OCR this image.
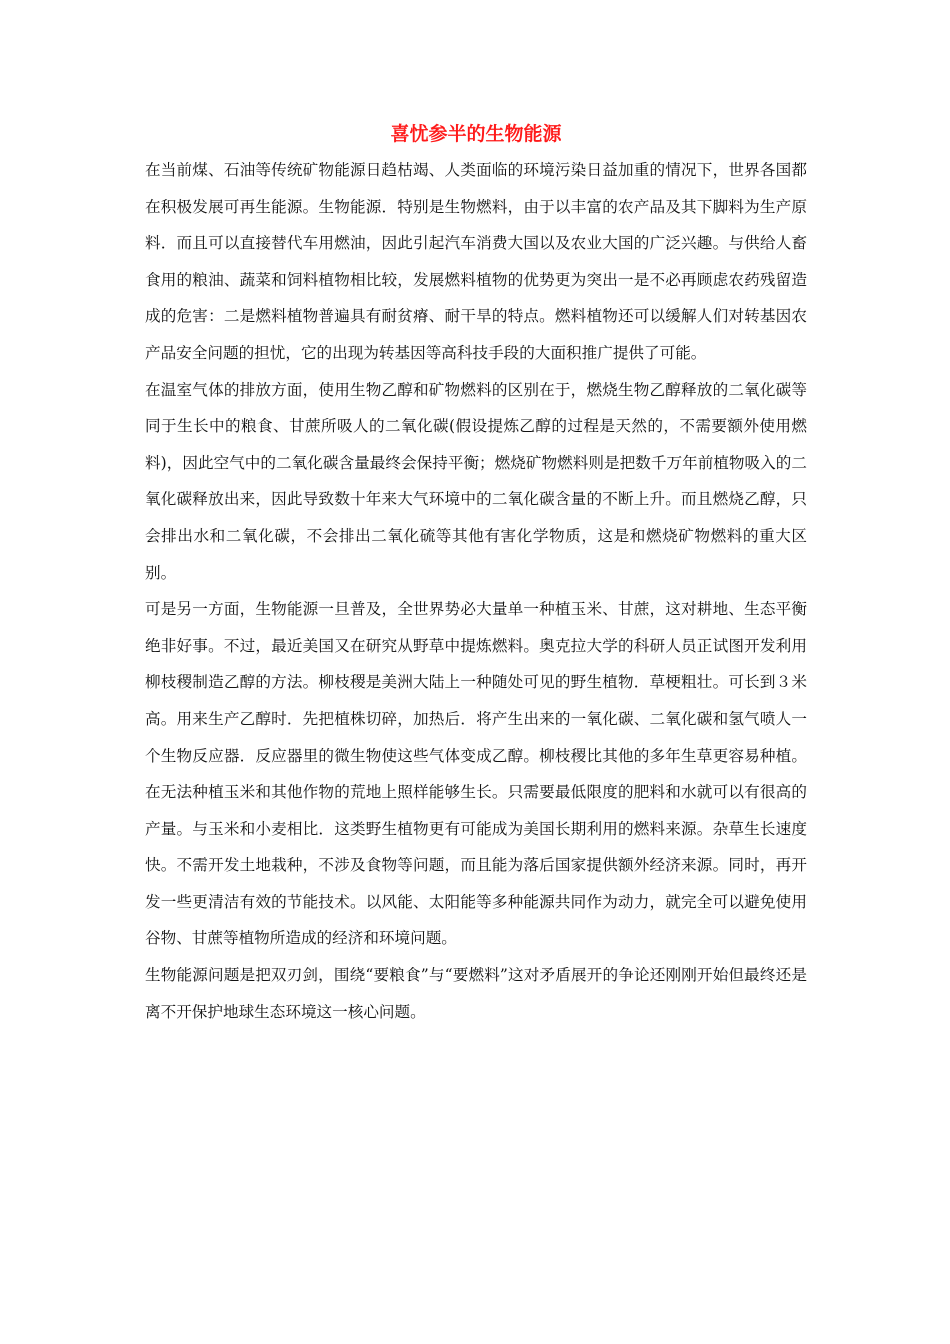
喜忧参半的生物能源

在当前煤、石油等传统矿物能源日趋枯竭、人类面临的环境污染日益加重的情况下，世界各国都在积极发展可再生能源。生物能源．特别是生物燃料，由于以丰富的农产品及其下脚料为生产原料．而且可以直接替代车用燃油，因此引起汽车消费大国以及农业大国的广泛兴趣。与供给人畜食用的粮油、蔬菜和饲料植物相比较，发展燃料植物的优势更为突出一是不必再顾虑农药残留造成的危害：二是燃料植物普遍具有耐贫瘠、耐干旱的特点。燃料植物还可以缓解人们对转基因农产品安全问题的担忧，它的出现为转基因等高科技手段的大面积推广提供了可能。

在温室气体的排放方面，使用生物乙醇和矿物燃料的区别在于，燃烧生物乙醇释放的二氧化碳等同于生长中的粮食、甘蔗所吸人的二氧化碳(假设提炼乙醇的过程是天然的，不需要额外使用燃料)，因此空气中的二氧化碳含量最终会保持平衡；燃烧矿物燃料则是把数千万年前植物吸入的二氧化碳释放出来，因此导致数十年来大气环境中的二氧化碳含量的不断上升。而且燃烧乙醇，只会排出水和二氧化碳，不会排出二氧化硫等其他有害化学物质，这是和燃烧矿物燃料的重大区别。

可是另一方面，生物能源一旦普及，全世界势必大量单一种植玉米、甘蔗，这对耕地、生态平衡绝非好事。不过，最近美国又在研究从野草中提炼燃料。奥克拉大学的科研人员正试图开发利用柳枝稷制造乙醇的方法。柳枝稷是美洲大陆上一种随处可见的野生植物．草梗粗壮。可长到３米高。用来生产乙醇时．先把植株切碎，加热后．将产生出来的一氧化碳、二氧化碳和氢气喷人一个生物反应器．反应器里的微生物使这些气体变成乙醇。柳枝稷比其他的多年生草更容易种植。在无法种植玉米和其他作物的荒地上照样能够生长。只需要最低限度的肥料和水就可以有很高的产量。与玉米和小麦相比．这类野生植物更有可能成为美国长期利用的燃料来源。杂草生长速度快。不需开发土地栽种，不涉及食物等问题，而且能为落后国家提供额外经济来源。同时，再开发一些更清洁有效的节能技术。以风能、太阳能等多种能源共同作为动力，就完全可以避免使用谷物、甘蔗等植物所造成的经济和环境问题。

生物能源问题是把双刃剑，围绕“要粮食”与“要燃料”这对矛盾展开的争论还刚刚开始但最终还是离不开保护地球生态环境这一核心问题。
